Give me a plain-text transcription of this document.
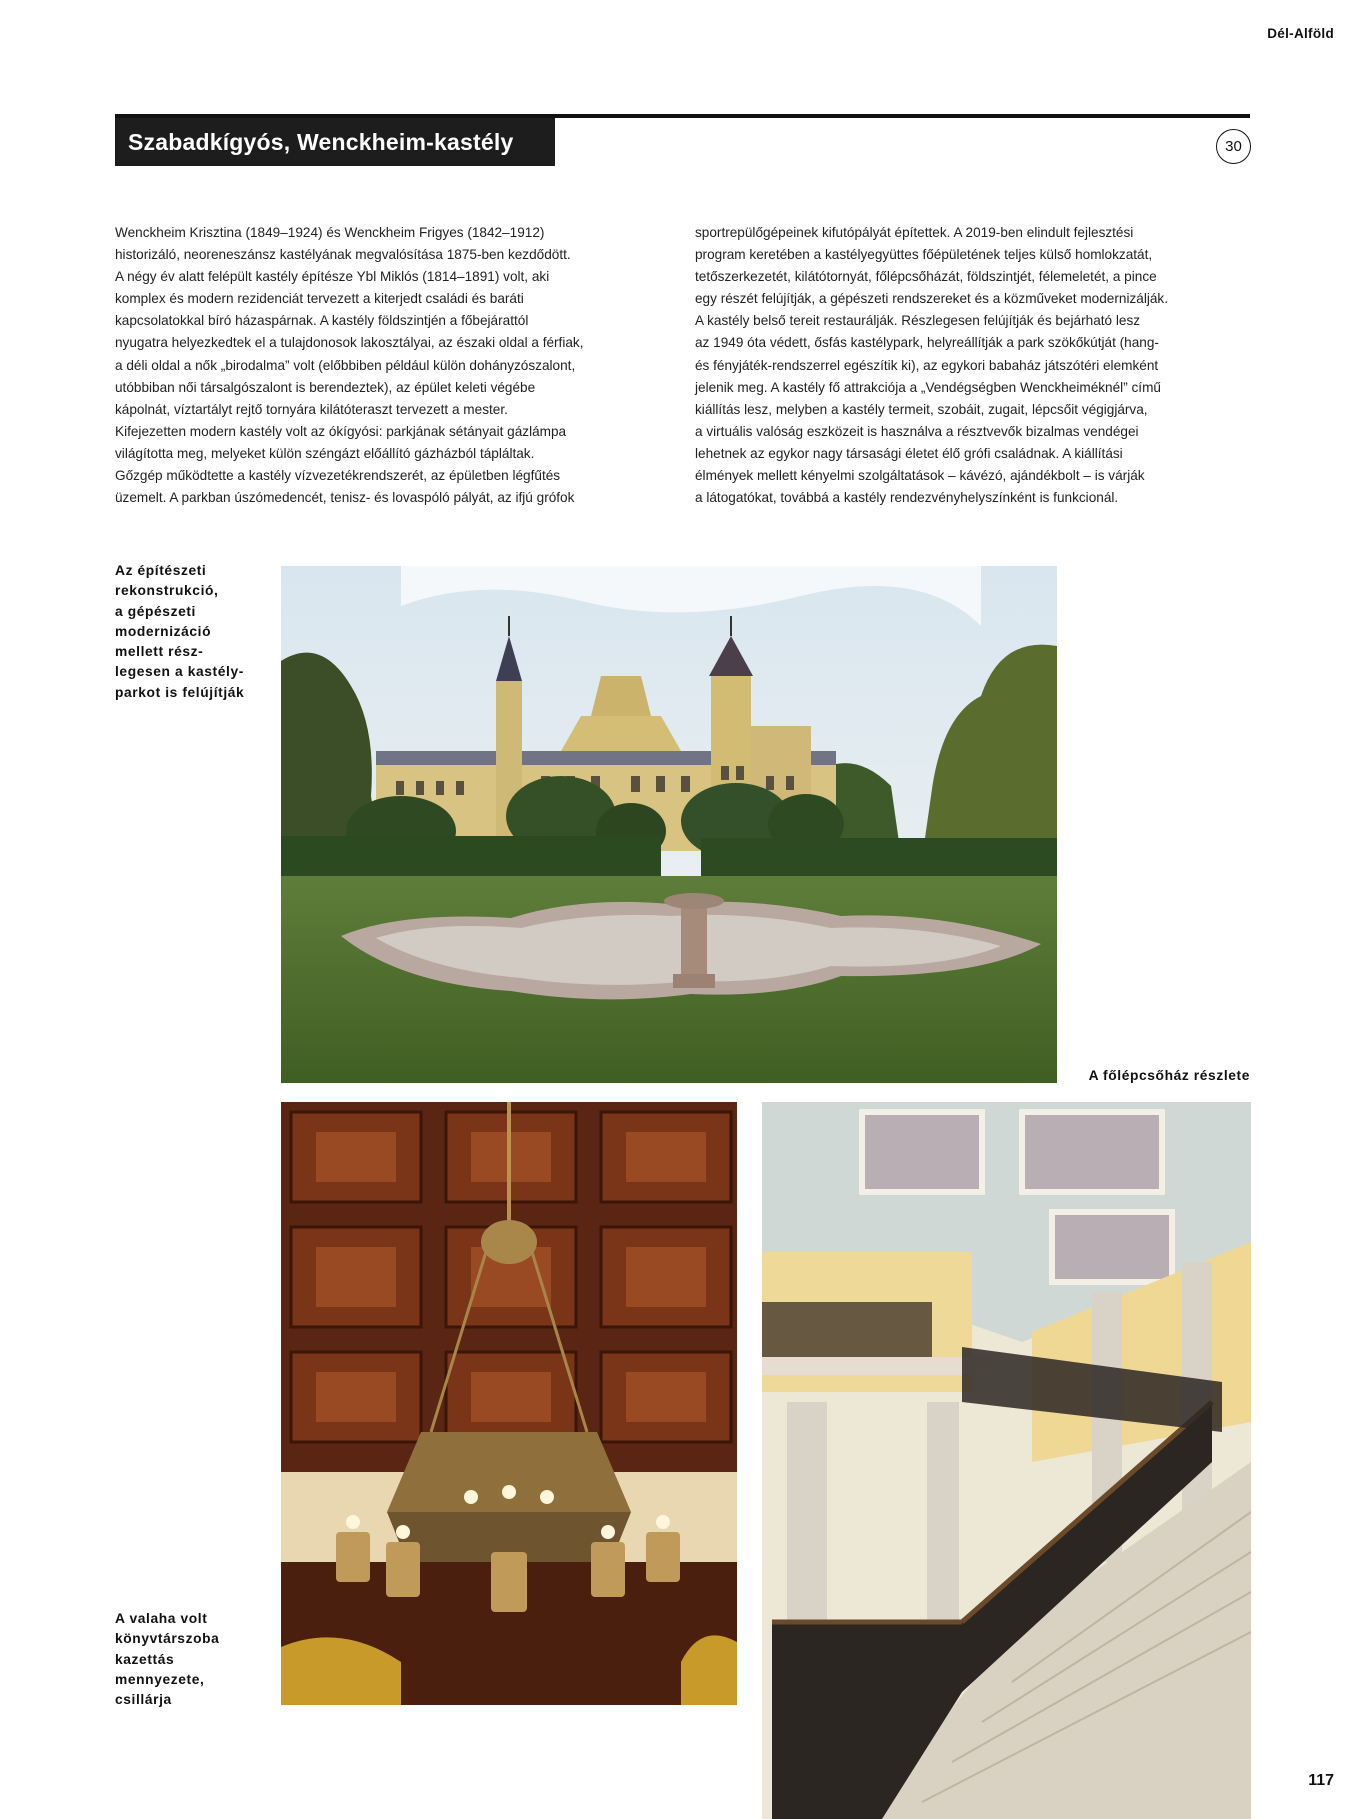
Dél-Alföld
Szabadkígyós, Wenckheim-kastély	30

Wenckheim Krisztina (1849–1924) és Wenckheim Frigyes (1842–1912)

historizáló, neoreneszánsz kastélyának megvalósítása 1875-ben kezdődött.

A négy év alatt felépült kastély építésze Ybl Miklós (1814–1891) volt, aki

komplex és modern rezidenciát tervezett a kiterjedt családi és baráti

kapcsolatokkal bíró házaspárnak. A kastély földszintjén a főbejárattól

nyugatra helyezkedtek el a tulajdonosok lakosztályai, az északi oldal a férfiak,

a déli oldal a nők „birodalma” volt (előbbiben például külön dohányzószalont,

utóbbiban női társalgószalont is berendeztek), az épület keleti végébe

kápolnát, víztartályt rejtő tornyára kilátóteraszt tervezett a mester.

Kifejezetten modern kastély volt az ókígyósi: parkjának sétányait gázlámpa

világította meg, melyeket külön széngázt előállító gázházból tápláltak.

Gőzgép működtette a kastély vízvezetékrendszerét, az épületben légfűtés

üzemelt. A parkban úszómedencét, tenisz- és lovaspóló pályát, az ifjú grófok

sportrepülőgépeinek kifutópályát építettek. A 2019-ben elindult fejlesztési

program keretében a kastélyegyüttes főépületének teljes külső homlokzatát,

tetőszerkezetét, kilátótornyát, főlépcsőházát, földszintjét, félemeletét, a pince

egy részét felújítják, a gépészeti rendszereket és a közműveket modernizálják.

A kastély belső tereit restaurálják. Részlegesen felújítják és bejárható lesz

az 1949 óta védett, ősfás kastélypark, helyreállítják a park szökőkútját (hang-

és fényjáték-rendszerrel egészítik ki), az egykori babaház játszótéri elemként

jelenik meg. A kastély fő attrakciója a „Vendégségben Wenckheiméknél” című

kiállítás lesz, melyben a kastély termeit, szobáit, zugait, lépcsőit végigjárva,

a virtuális valóság eszközeit is használva a résztvevők bizalmas vendégei

lehetnek az egykor nagy társasági életet élő grófi családnak. A kiállítási

élmények mellett kényelmi szolgáltatások – kávézó, ajándékbolt – is várják

a látogatókat, továbbá a kastély rendezvényhelyszínként is funkcionál.

Az építészeti
rekonstrukció,
a gépészeti
modernizáció
mellett rész-
legesen a kastély-
parkot is felújítják
A főlépcsőház részlete
A valaha volt
könyvtárszoba
kazettás
mennyezete,
csillárja
117
